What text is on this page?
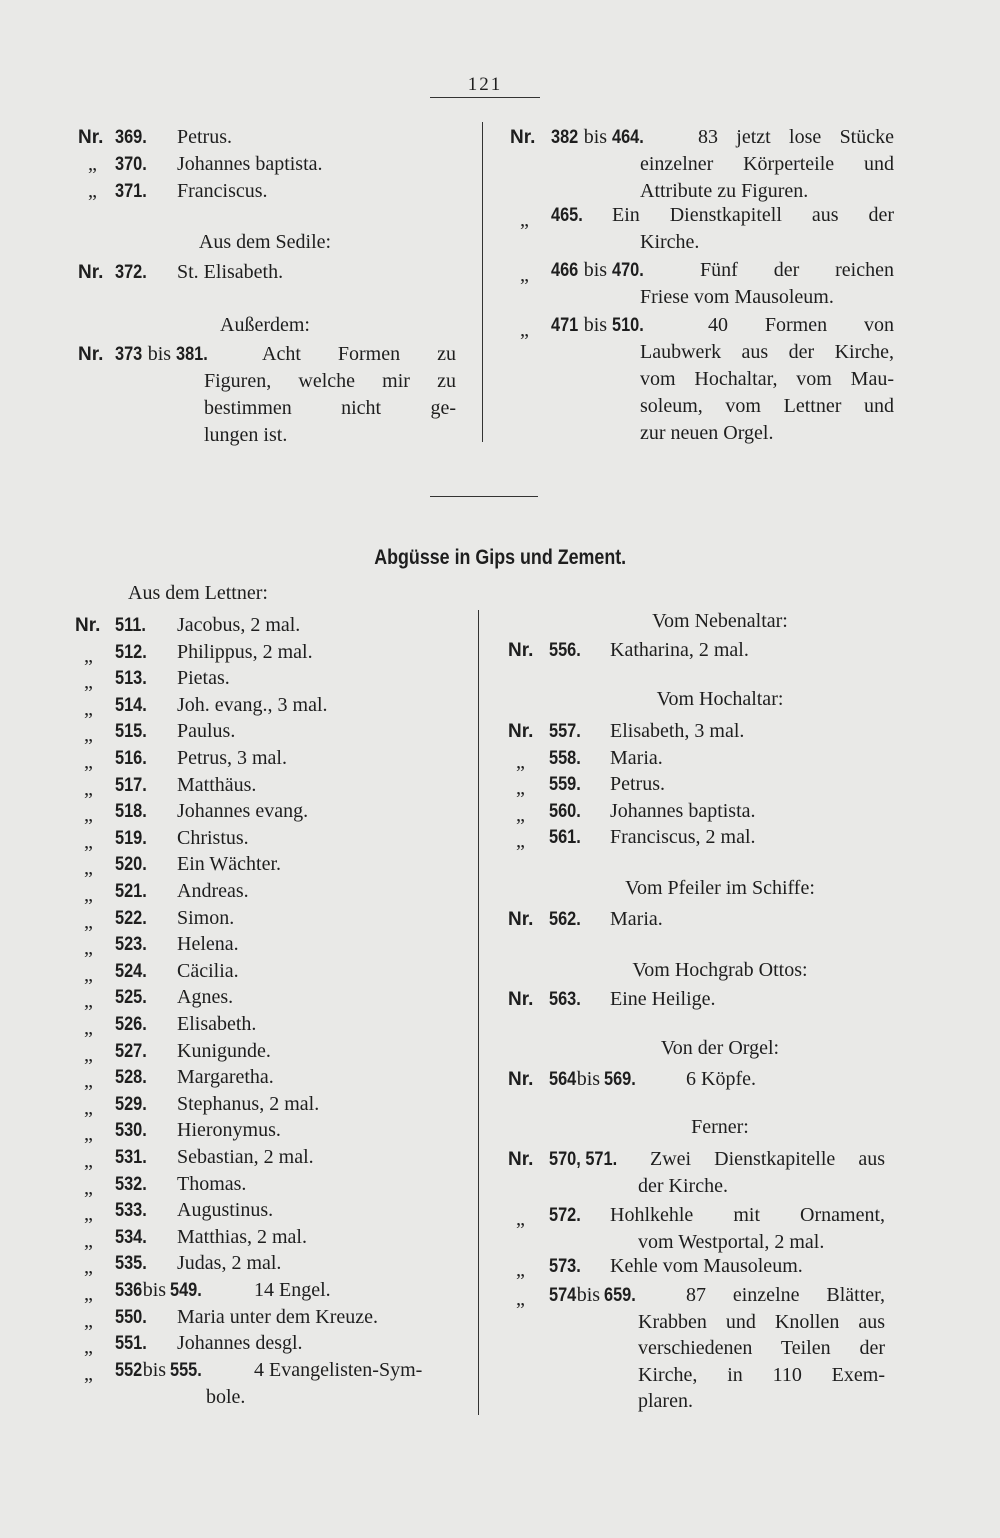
121
Nr. 369. Petrus.
„ 370. Johannes baptista.
„ 371. Franciscus.
Aus dem Sedile:
Nr. 372. St. Elisabeth.
Außerdem:
Nr. 373 bis 381.	Acht Formen zu
Figuren, welche mir zu
bestimmen nicht ge-
lungen ist.
Nr. 382 bis 464.	83 jetzt lose Stücke
einzelner Körperteile und
Attribute zu Figuren.
„ 465. Ein Dienstkapitell aus der
Kirche.
„ 466 bis 470.	Fünf der reichen
Friese vom Mausoleum.
„ 471 bis 510.	40 Formen von
Laubwerk aus der Kirche,
vom Hochaltar, vom Mau-
soleum, vom Lettner und
zur neuen Orgel.
Abgüsse in Gips und Zement.
Aus dem Lettner:
Nr. 511. Jacobus, 2 mal.
„ 512. Philippus, 2 mal.
„ 513. Pietas.
„ 514. Joh. evang., 3 mal.
„ 515. Paulus.
„ 516. Petrus, 3 mal.
„ 517. Matthäus.
„ 518. Johannes evang.
„ 519. Christus.
„ 520. Ein Wächter.
„ 521. Andreas.
„ 522. Simon.
„ 523. Helena.
„ 524. Cäcilia.
„ 525. Agnes.
„ 526. Elisabeth.
„ 527. Kunigunde.
„ 528. Margaretha.
„ 529. Stephanus, 2 mal.
„ 530. Hieronymus.
„ 531. Sebastian, 2 mal.
„ 532. Thomas.
„ 533. Augustinus.
„ 534. Matthias, 2 mal.
„ 535. Judas, 2 mal.
„ 536bis 549.	14 Engel.
„ 550. Maria unter dem Kreuze.
„ 551. Johannes desgl.
„ 552bis 555.	4 Evangelisten-Sym-
bole.
Vom Nebenaltar:
Nr. 556. Katharina, 2 mal.
Vom Hochaltar:
Nr. 557. Elisabeth, 3 mal.
„ 558. Maria.
„ 559. Petrus.
„ 560. Johannes baptista.
„ 561. Franciscus, 2 mal.
Vom Pfeiler im Schiffe:
Nr. 562. Maria.
Vom Hochgrab Ottos:
Nr. 563. Eine Heilige.
Von der Orgel:
Nr. 564bis 569.	6 Köpfe.
Ferner:
Nr. 570, 571.	Zwei Dienstkapitelle aus
der Kirche.
„ 572. Hohlkehle mit Ornament,
vom Westportal, 2 mal.
„ 573. Kehle vom Mausoleum.
„ 574bis 659.	87 einzelne Blätter,
Krabben und Knollen aus
verschiedenen Teilen der
Kirche, in 110 Exem-
plaren.
